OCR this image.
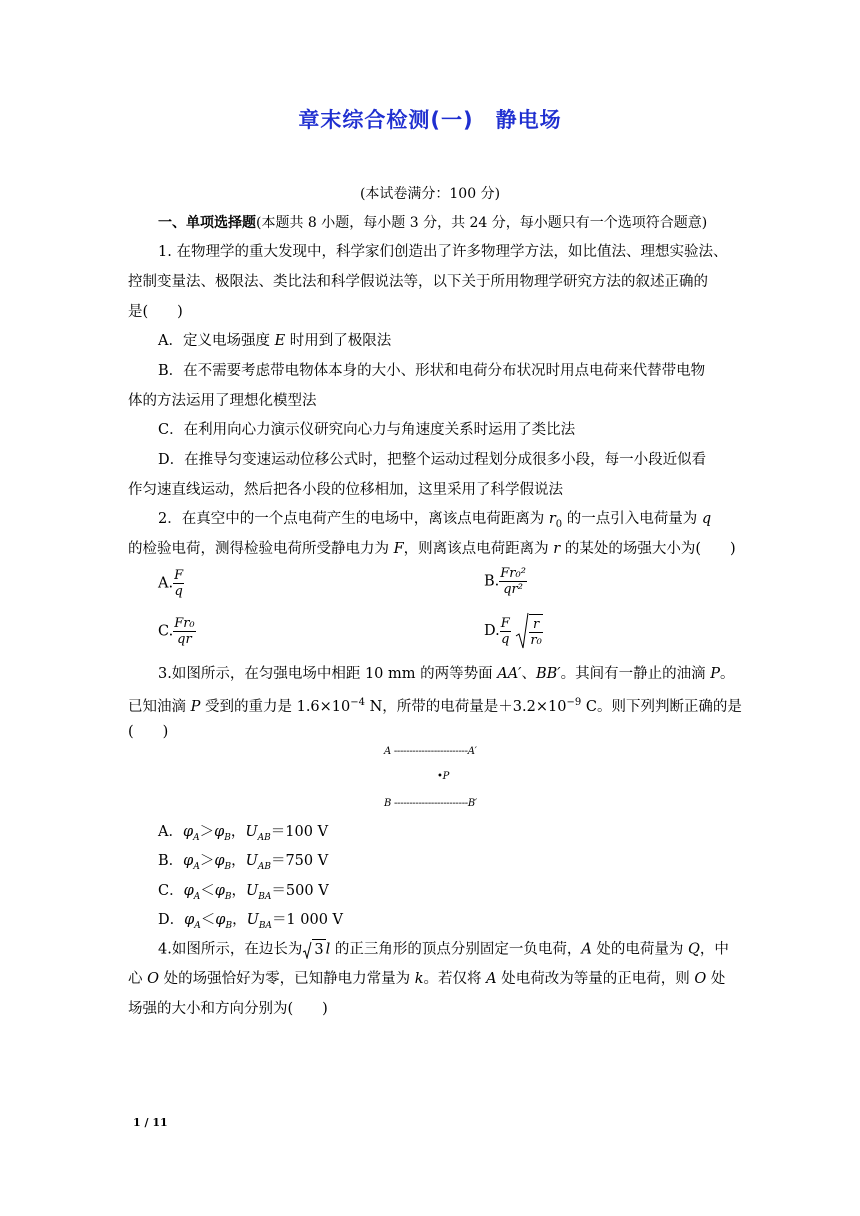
章末综合检测(一) 静电场
(本试卷满分：100 分)
一、单项选择题(本题共 8 小题，每小题 3 分，共 24 分，每小题只有一个选项符合题意)
1. 在物理学的重大发现中，科学家们创造出了许多物理学方法，如比值法、理想实验法、
控制变量法、极限法、类比法和科学假说法等，以下关于所用物理学研究方法的叙述正确的
是(　　)
A．定义电场强度 E 时用到了极限法
B．在不需要考虑带电物体本身的大小、形状和电荷分布状况时用点电荷来代替带电物
体的方法运用了理想化模型法
C．在利用向心力演示仪研究向心力与角速度关系时运用了类比法
D．在推导匀变速运动位移公式时，把整个运动过程划分成很多小段，每一小段近似看
作匀速直线运动，然后把各小段的位移相加，这里采用了科学假说法
2．在真空中的一个点电荷产生的电场中，离该点电荷距离为 $r_0$ 的一点引入电荷量为 q
的检验电荷，测得检验电荷所受静电力为 F，则离该点电荷距离为 r 的某处的场强大小为(　　)
A. $\frac{F}{q}$	B. $\frac{\text{Fr₀²}}{\text{qr²}}$
C. $\frac{\text{Fr₀}}{qr}$	D. $\frac{F}{q}$
$\frac{r}{\text{r₀}}$
3.如图所示，在匀强电场中相距 10 mm 的两等势面 AA′、BB′。其间有一静止的油滴 P。
已知油滴 P 受到的重力是 $1.6\times 10^{-4}$ N，所带的电荷量是$+3.2\times 10^{-9}$ C。则下列判断正确的是
(　　)
A ------------------------A′
•P
B ------------------------B′
A．$\varphi_A>\varphi_B$，$U_{AB}=100$ V
B．$\varphi_A>\varphi_B$，$U_{AB}=750$ V
C．$\varphi_A<\varphi_B$，$U_{BA}=500$ V
D．$\varphi_A<\varphi_B$，$U_{BA}=1$ 000 V
4.如图所示，在边长为 3 l 的正三角形的顶点分别固定一负电荷，A 处的电荷量为 Q，中
心 O 处的场强恰好为零，已知静电力常量为 k。若仅将 A 处电荷改为等量的正电荷，则 O 处
场强的大小和方向分别为(　　)
1 / 11
